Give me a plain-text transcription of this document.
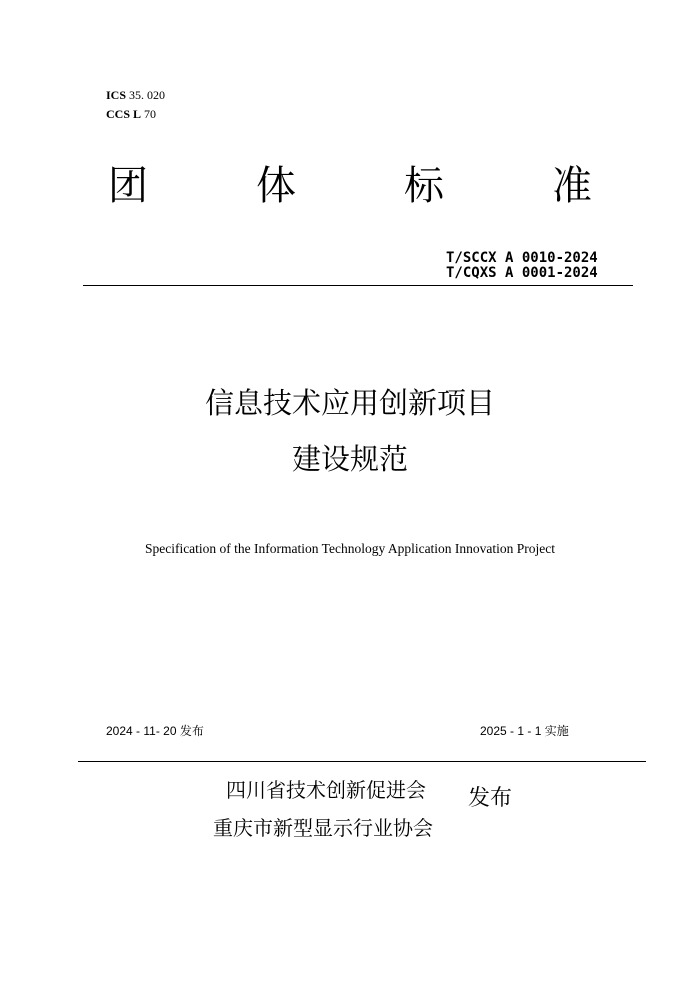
ICS 35. 020
CCS L 70
团	体	标	准
T/SCCX A 0010-2024
T/CQXS A 0001-2024
信息技术应用创新项目
建设规范
Specification of the Information Technology Application Innovation Project
2024 - 11- 20 发布	2025 - 1 - 1 实施
四川省技术创新促进会
重庆市新型显示行业协会
发布
